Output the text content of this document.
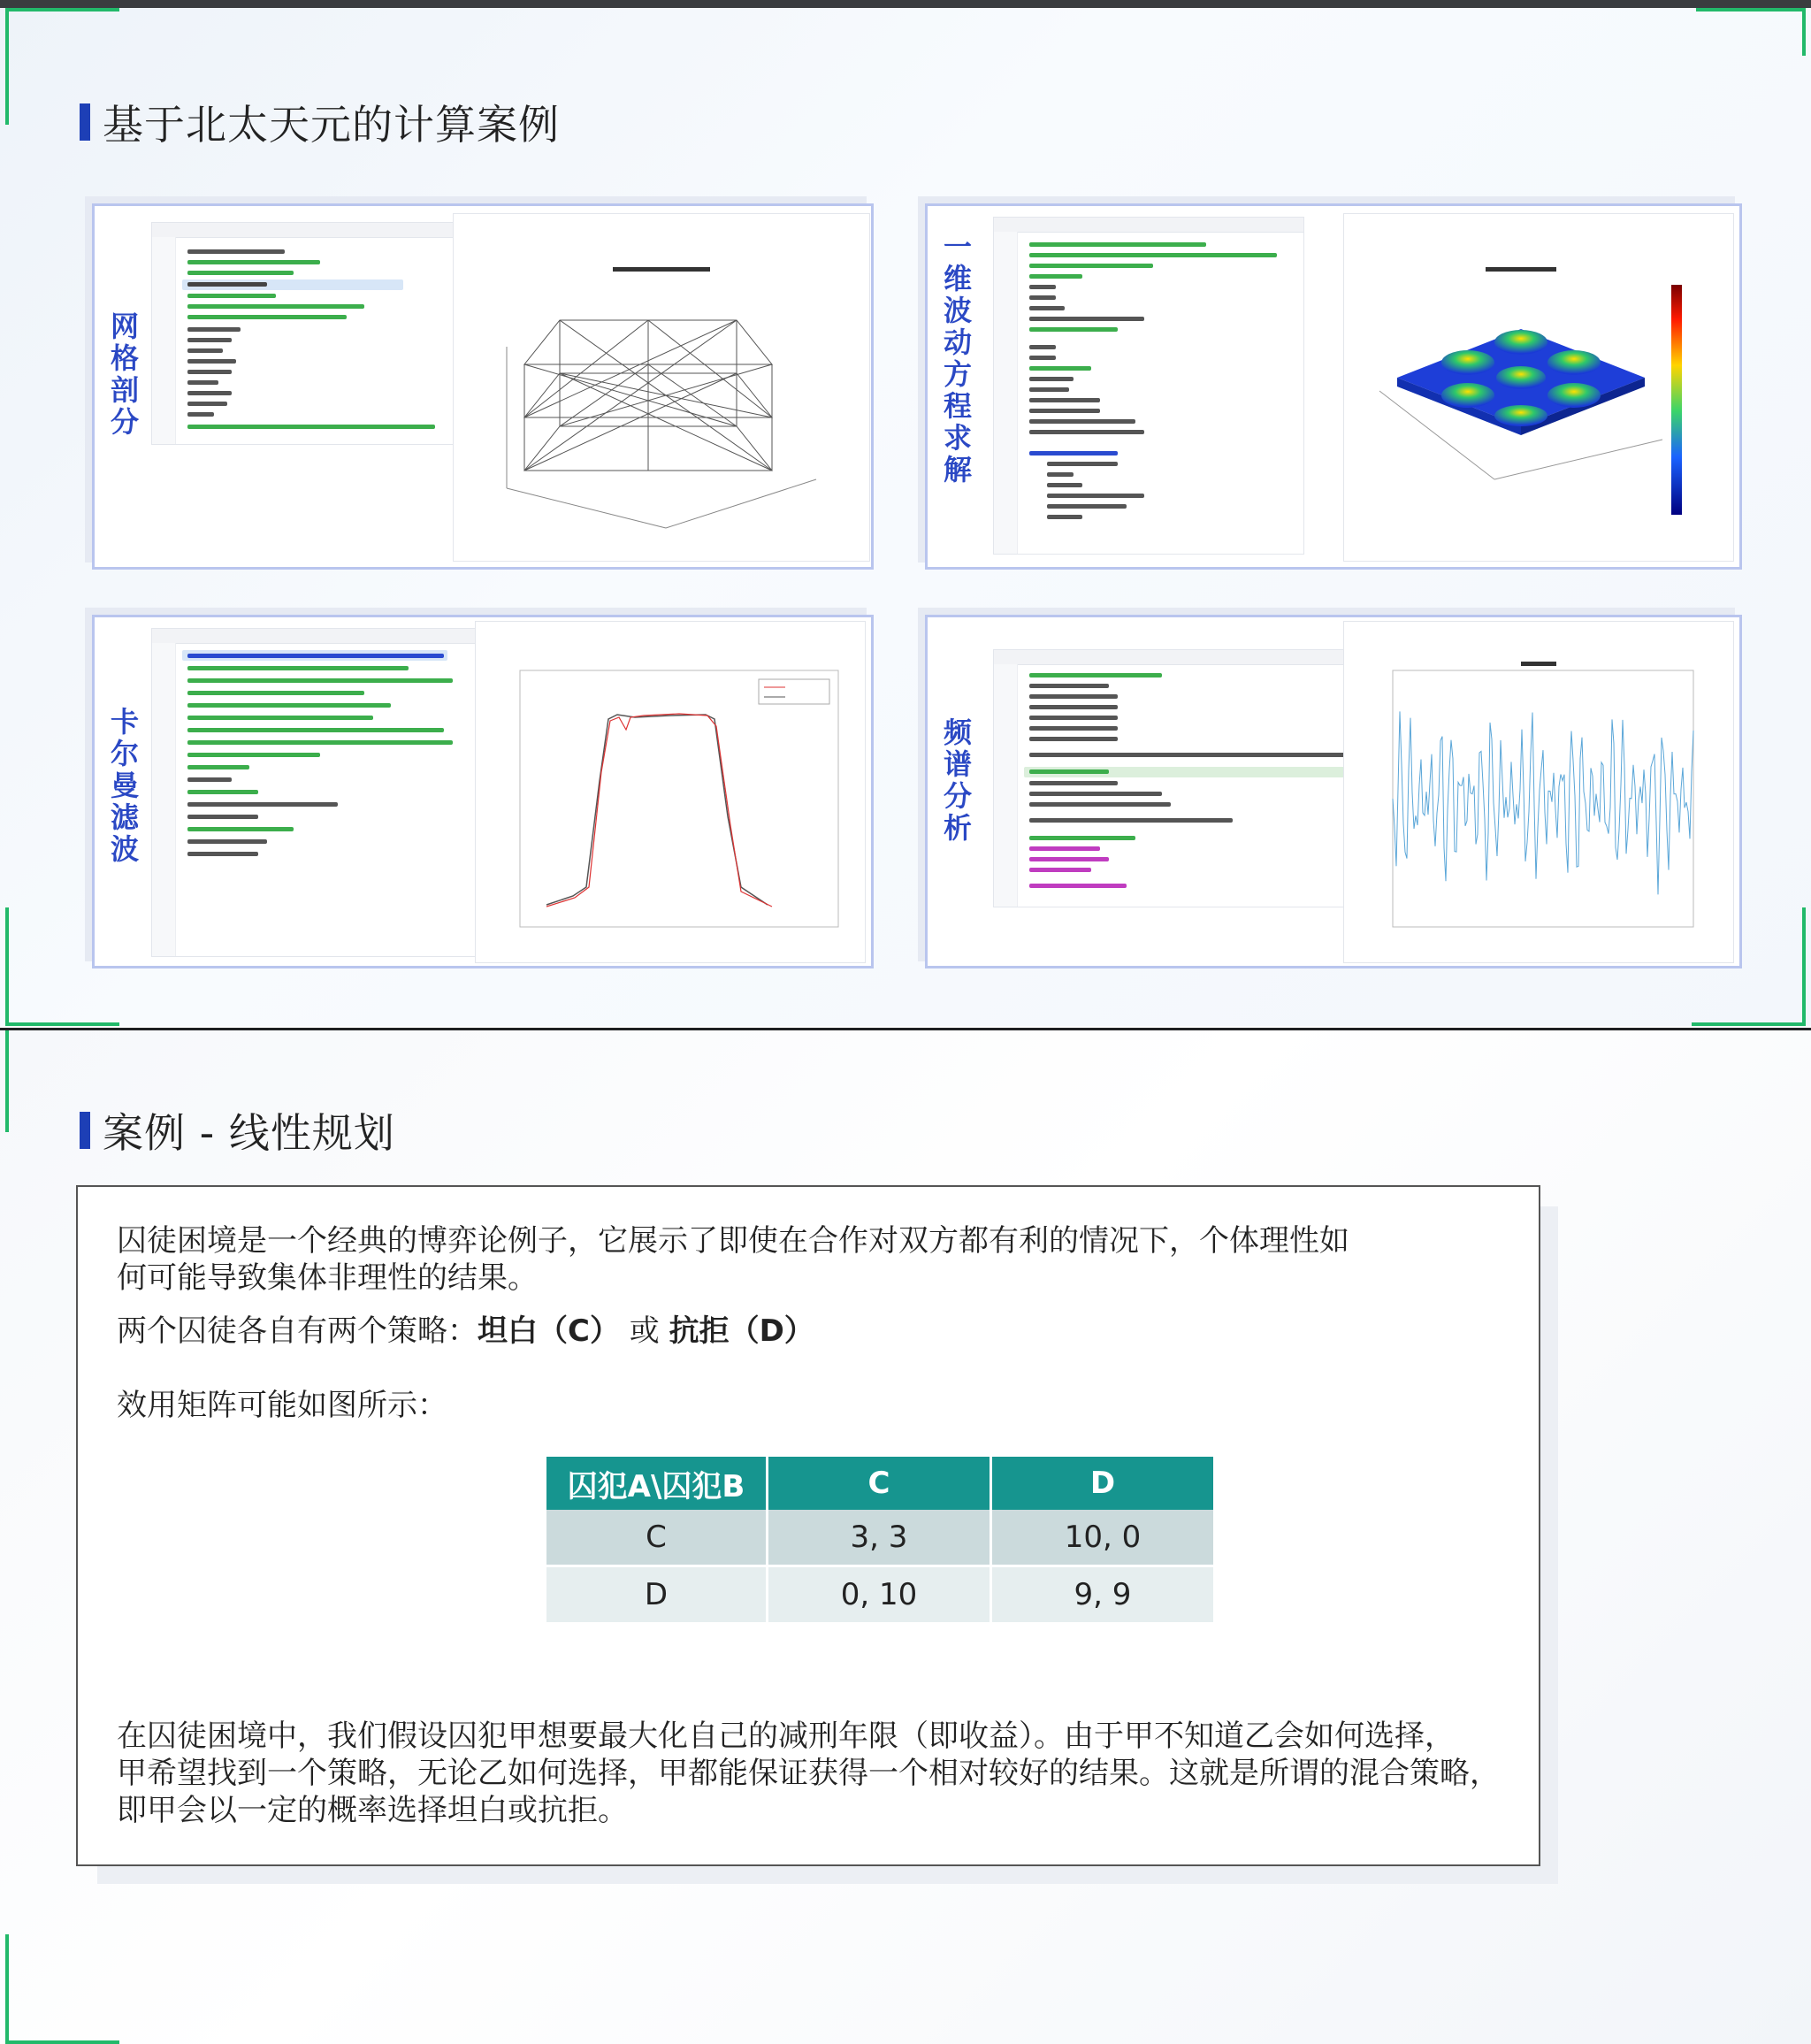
基于北太天元的计算案例
网格剖分
一维波动方程求解
卡尔曼滤波
频谱分析
案例 - 线性规划
囚徒困境是一个经典的博弈论例子，它展示了即使在合作对双方都有利的情况下，个体理性如
何可能导致集体非理性的结果。
两个囚徒各自有两个策略：坦白（C） 或 抗拒（D）
效用矩阵可能如图所示：
囚犯A\囚犯B	C	D
C	3, 3	10, 0
D	0, 10	9, 9
在囚徒困境中，我们假设囚犯甲想要最大化自己的减刑年限（即收益）。由于甲不知道乙会如何选择，
甲希望找到一个策略，无论乙如何选择，甲都能保证获得一个相对较好的结果。这就是所谓的混合策略，
即甲会以一定的概率选择坦白或抗拒。
